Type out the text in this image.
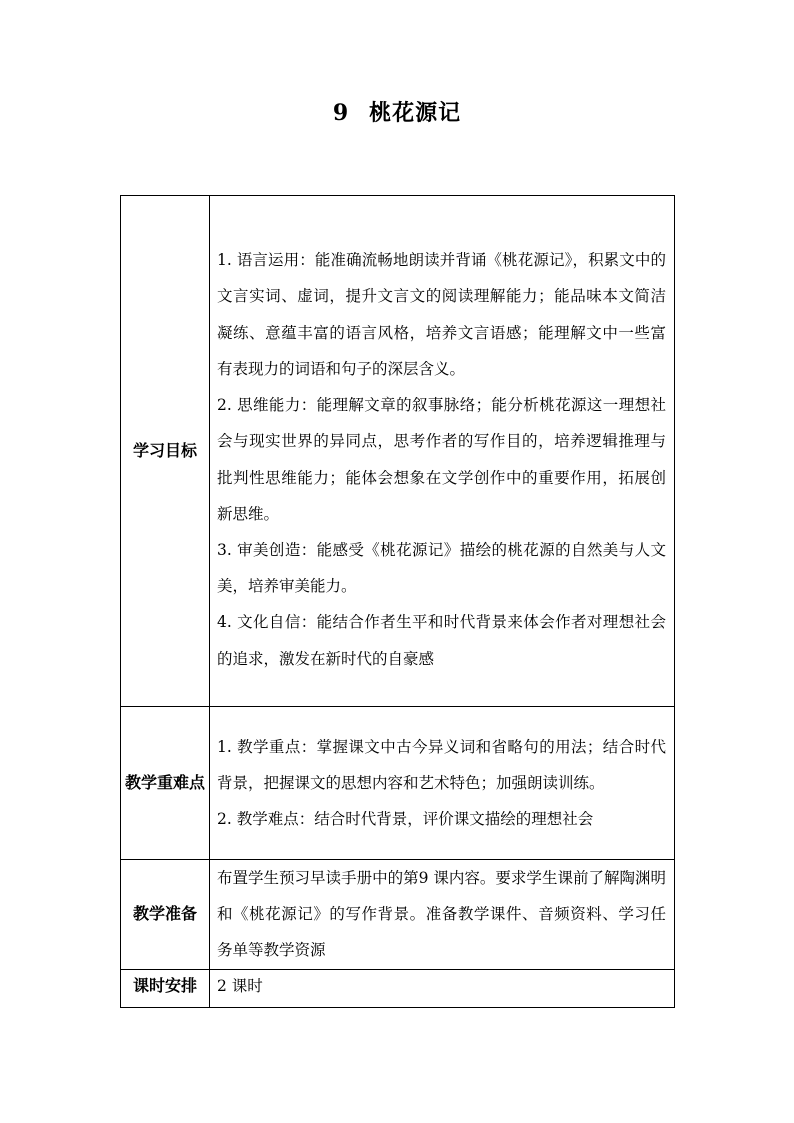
9 桃花源记
学习目标	1. 语言运用：能准确流畅地朗读并背诵《桃花源记》，积累文中的文言实词、虚词，提升文言文的阅读理解能力；能品味本文简洁凝练、意蕴丰富的语言风格，培养文言语感；能理解文中一些富有表现力的词语和句子的深层含义。

2. 思维能力：能理解文章的叙事脉络；能分析桃花源这一理想社会与现实世界的异同点，思考作者的写作目的，培养逻辑推理与批判性思维能力；能体会想象在文学创作中的重要作用，拓展创新思维。

3. 审美创造：能感受《桃花源记》描绘的桃花源的自然美与人文美，培养审美能力。

4. 文化自信：能结合作者生平和时代背景来体会作者对理想社会的追求，激发在新时代的自豪感

教学重难点	1. 教学重点：掌握课文中古今异义词和省略句的用法；结合时代背景，把握课文的思想内容和艺术特色；加强朗读训练。

2. 教学难点：结合时代背景，评价课文描绘的理想社会

教学准备	布置学生预习早读手册中的第9 课内容。要求学生课前了解陶渊明和《桃花源记》的写作背景。准备教学课件、音频资料、学习任务单等教学资源

课时安排	2 课时
